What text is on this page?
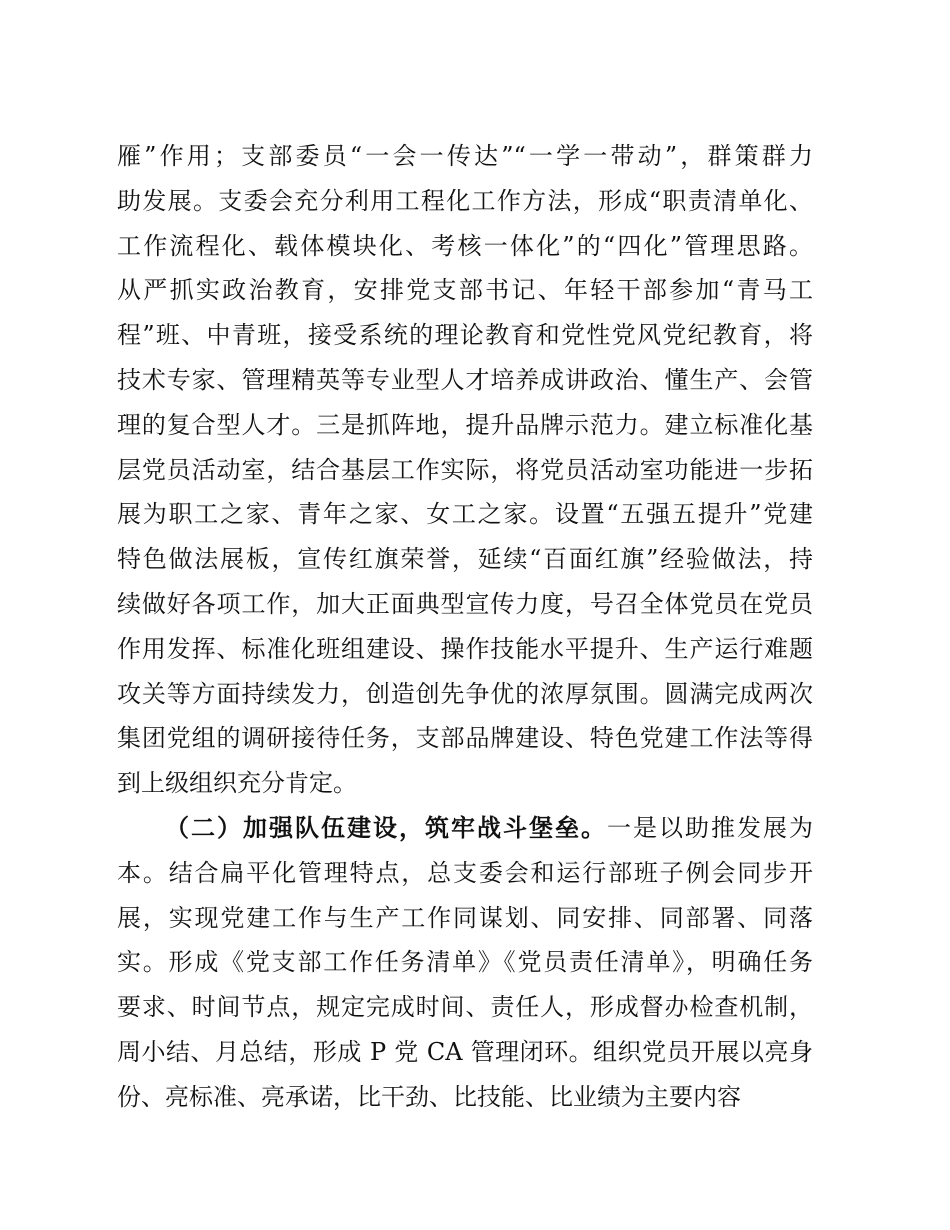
雁”作用；支部委员“一会一传达”“一学一带动”，群策群力
助发展。支委会充分利用工程化工作方法，形成“职责清单化、
工作流程化、载体模块化、考核一体化”的“四化”管理思路。
从严抓实政治教育，安排党支部书记、年轻干部参加“青马工
程”班、中青班，接受系统的理论教育和党性党风党纪教育，将
技术专家、管理精英等专业型人才培养成讲政治、懂生产、会管
理的复合型人才。三是抓阵地，提升品牌示范力。建立标准化基
层党员活动室，结合基层工作实际，将党员活动室功能进一步拓
展为职工之家、青年之家、女工之家。设置“五强五提升”党建
特色做法展板，宣传红旗荣誉，延续“百面红旗”经验做法，持
续做好各项工作，加大正面典型宣传力度，号召全体党员在党员
作用发挥、标准化班组建设、操作技能水平提升、生产运行难题
攻关等方面持续发力，创造创先争优的浓厚氛围。圆满完成两次
集团党组的调研接待任务，支部品牌建设、特色党建工作法等得
到上级组织充分肯定。
（二）加强队伍建设，筑牢战斗堡垒。一是以助推发展为
本。结合扁平化管理特点，总支委会和运行部班子例会同步开
展，实现党建工作与生产工作同谋划、同安排、同部署、同落
实。形成《党支部工作任务清单》《党员责任清单》，明确任务
要求、时间节点，规定完成时间、责任人，形成督办检查机制，
周小结、月总结，形成 P 党 CA 管理闭环。组织党员开展以亮身
份、亮标准、亮承诺，比干劲、比技能、比业绩为主要内容
